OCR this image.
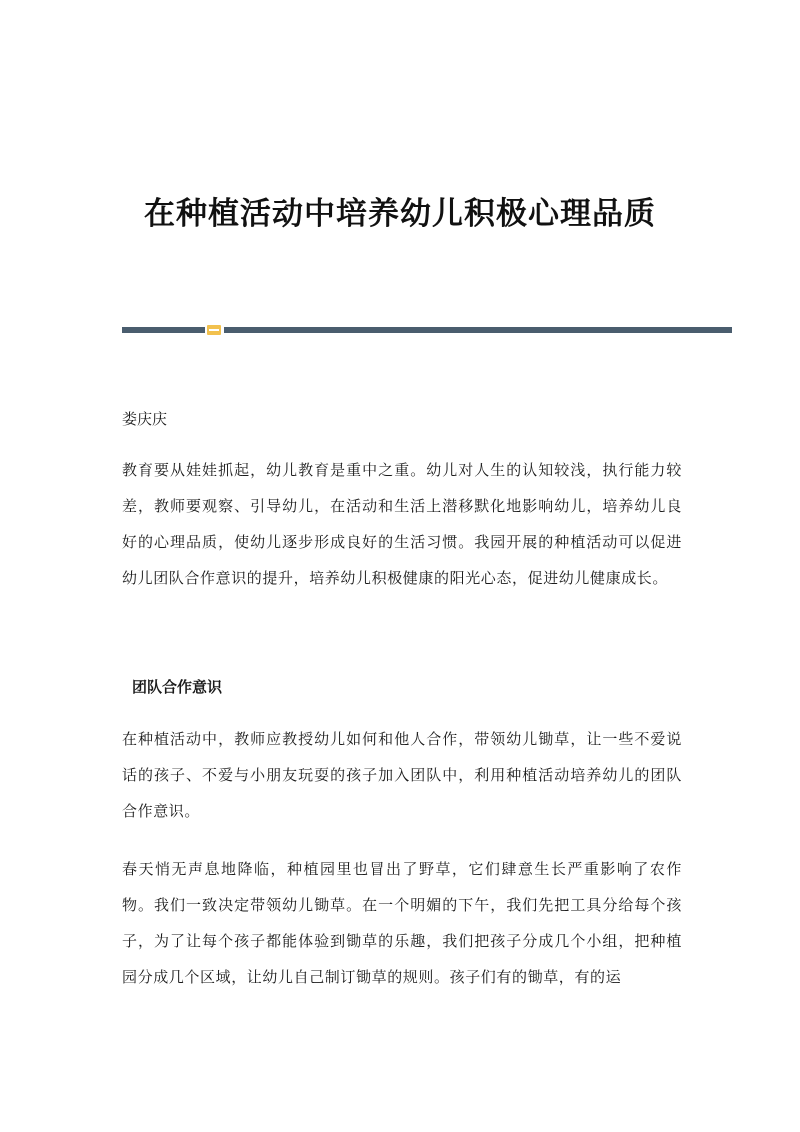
在种植活动中培养幼儿积极心理品质
娄庆庆
教育要从娃娃抓起，幼儿教育是重中之重。幼儿对人生的认知较浅，执行能力较差，教师要观察、引导幼儿，在活动和生活上潜移默化地影响幼儿，培养幼儿良好的心理品质，使幼儿逐步形成良好的生活习惯。我园开展的种植活动可以促进幼儿团队合作意识的提升，培养幼儿积极健康的阳光心态，促进幼儿健康成长。
团队合作意识
在种植活动中，教师应教授幼儿如何和他人合作，带领幼儿锄草，让一些不爱说话的孩子、不爱与小朋友玩耍的孩子加入团队中，利用种植活动培养幼儿的团队合作意识。
春天悄无声息地降临，种植园里也冒出了野草，它们肆意生长严重影响了农作物。我们一致决定带领幼儿锄草。在一个明媚的下午，我们先把工具分给每个孩子，为了让每个孩子都能体验到锄草的乐趣，我们把孩子分成几个小组，把种植园分成几个区域，让幼儿自己制订锄草的规则。孩子们有的锄草，有的运
